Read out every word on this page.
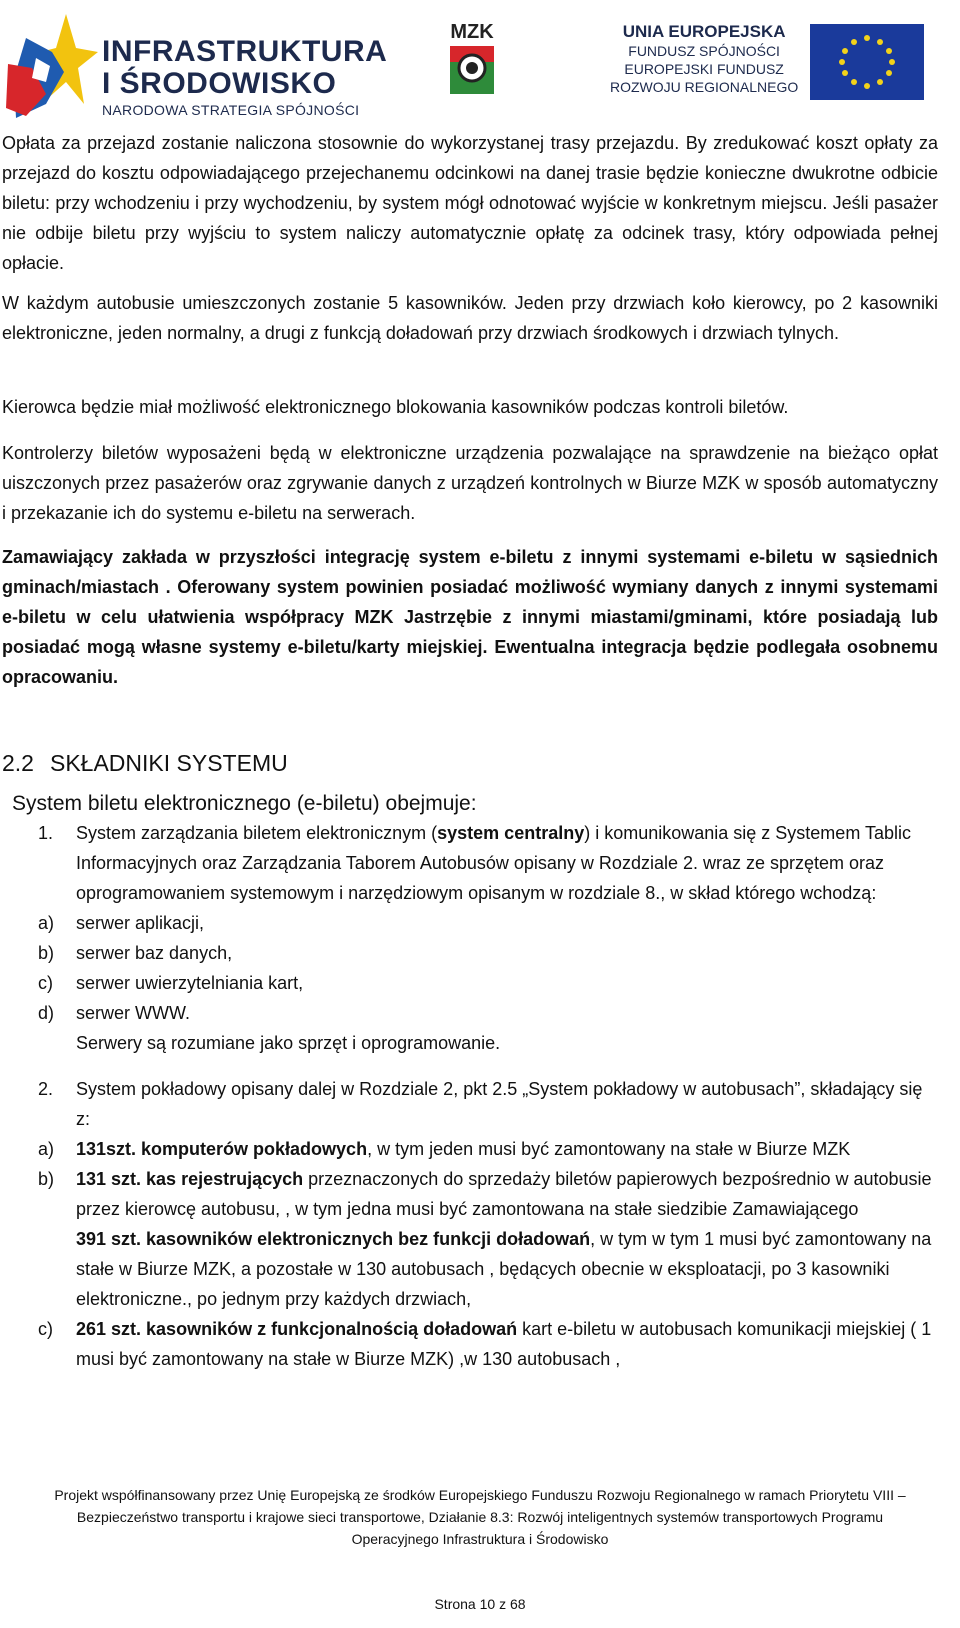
INFRASTRUKTURA
I ŚRODOWISKO
NARODOWA STRATEGIA SPÓJNOŚCI
MZK	UNIA EUROPEJSKA
FUNDUSZ SPÓJNOŚCI
EUROPEJSKI FUNDUSZ
ROZWOJU REGIONALNEGO

Opłata za przejazd zostanie naliczona stosownie do wykorzystanej trasy przejazdu. By zredukować koszt opłaty za przejazd do kosztu odpowiadającego przejechanemu odcinkowi na danej trasie będzie konieczne dwukrotne odbicie biletu: przy wchodzeniu i przy wychodzeniu, by system mógł odnotować wyjście w konkretnym miejscu. Jeśli pasażer nie odbije biletu przy wyjściu to system naliczy automatycznie opłatę za odcinek trasy, który odpowiada pełnej opłacie.

W każdym autobusie umieszczonych zostanie 5 kasowników. Jeden przy drzwiach koło kierowcy, po 2 kasowniki elektroniczne, jeden normalny, a drugi z funkcją doładowań przy drzwiach środkowych i drzwiach tylnych.

Kierowca będzie miał możliwość elektronicznego blokowania kasowników podczas kontroli biletów.

Kontrolerzy biletów wyposażeni będą w elektroniczne urządzenia pozwalające na sprawdzenie na bieżąco opłat uiszczonych przez pasażerów oraz zgrywanie danych z urządzeń kontrolnych w Biurze MZK w sposób automatyczny i przekazanie ich do systemu e-biletu na serwerach.

Zamawiający zakłada w przyszłości integrację system e-biletu z innymi systemami e-biletu w sąsiednich gminach/miastach . Oferowany system powinien posiadać możliwość wymiany danych z innymi systemami e-biletu w celu ułatwienia współpracy MZK Jastrzębie z innymi miastami/gminami, które posiadają lub posiadać mogą własne systemy e-biletu/karty miejskiej. Ewentualna integracja będzie podlegała osobnemu opracowaniu.

2.2 SKŁADNIKI SYSTEMU
System biletu elektronicznego (e-biletu) obejmuje:
1. System zarządzania biletem elektronicznym (system centralny) i komunikowania się z Systemem Tablic Informacyjnych oraz Zarządzania Taborem Autobusów opisany w Rozdziale 2. wraz ze sprzętem oraz oprogramowaniem systemowym i narzędziowym opisanym w rozdziale 8., w skład którego wchodzą:
a) serwer aplikacji,
b) serwer baz danych,
c) serwer uwierzytelniania kart,
d) serwer WWW.
Serwery są rozumiane jako sprzęt i oprogramowanie.
2. System pokładowy opisany dalej w Rozdziale 2, pkt 2.5 „System pokładowy w autobusach”, składający się z:
a) 131szt. komputerów pokładowych, w tym jeden musi być zamontowany na stałe w Biurze MZK
b) 131 szt. kas rejestrujących przeznaczonych do sprzedaży biletów papierowych bezpośrednio w autobusie przez kierowcę autobusu, , w tym jedna musi być zamontowana na stałe siedzibie Zamawiającego
391 szt. kasowników elektronicznych bez funkcji doładowań, w tym w tym 1 musi być zamontowany na stałe w Biurze MZK, a pozostałe w 130 autobusach , będących obecnie w eksploatacji, po 3 kasowniki elektroniczne., po jednym przy każdych drzwiach,
c) 261 szt. kasowników z funkcjonalnością doładowań kart e-biletu w autobusach komunikacji miejskiej ( 1 musi być zamontowany na stałe w Biurze MZK) ,w 130 autobusach ,
Projekt współfinansowany przez Unię Europejską ze środków Europejskiego Funduszu Rozwoju Regionalnego w ramach Priorytetu VIII –
Bezpieczeństwo transportu i krajowe sieci transportowe, Działanie 8.3: Rozwój inteligentnych systemów transportowych Programu
Operacyjnego Infrastruktura i Środowisko
Strona 10 z 68
